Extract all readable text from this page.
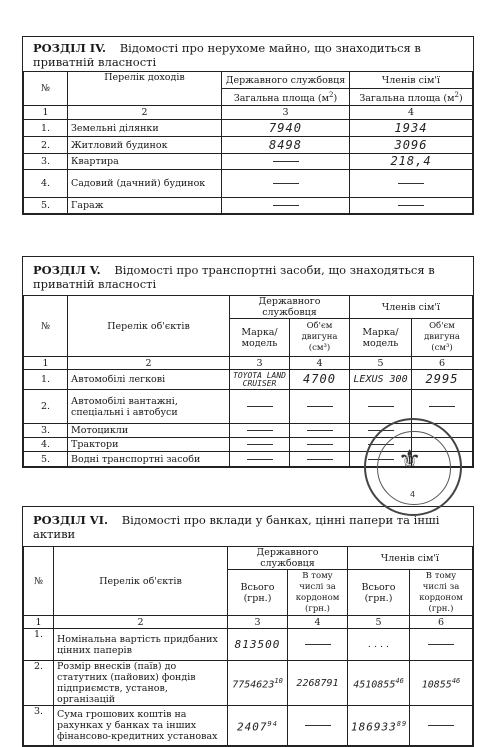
РОЗДІЛ IV. Відомості про нерухоме майно, що знаходиться в приватній власності
№	Перелік доходів	Державного службовця	Членів сім'ї
		Загальна площа $(м^2)$	Загальна площа $(м^2)$
1	2	3	4
1.	Земельні ділянки	7940	1934
2.	Житловий будинок	8498	3096
3.	Квартира		218,4
4.	Садовий (дачний) будинок		
5.	Гараж		
РОЗДІЛ V. Відомості про транспортні засоби, що знаходяться в приватній власності
№	Перелік об'єктів	Державного службовця		Членів сім'ї	
		Марка/ модель	Об'єм двигуна (см³)	Марка/ модель	Об'єм двигуна (см³)
1	2	3	4	5	6
1.	Автомобілі легкові	TOYOTA LAND CRUISER	4700	LEXUS 300	2995
2.	Автомобілі вантажні, спеціальні і автобуси				
3.	Мотоцикли				
4.	Трактори				
5.	Водні транспортні засоби				
РОЗДІЛ VI. Відомості про вклади у банках, цінні папери та інші активи
№	Перелік об'єктів	Державного службовця		Членів сім'ї	
		Всього (грн.)	В тому числі за кордоном (грн.)	Всього (грн.)	В тому числі за кордоном (грн.)
1	2	3	4	5	6
1.	Номінальна вартість придбаних цінних паперів	813500		. . . .	
2.	Розмір внесків (паїв) до статутних (пайових) фондів підприємств, установ, організацій	7754623$^{10}$	2268791	4510855$^{46}$	10855$^{46}$
3.	Сума грошових коштів на рахунках у банках та інших фінансово-кредитних установах	2407$^{94}$		186933$^{89}$	
⚜
4
